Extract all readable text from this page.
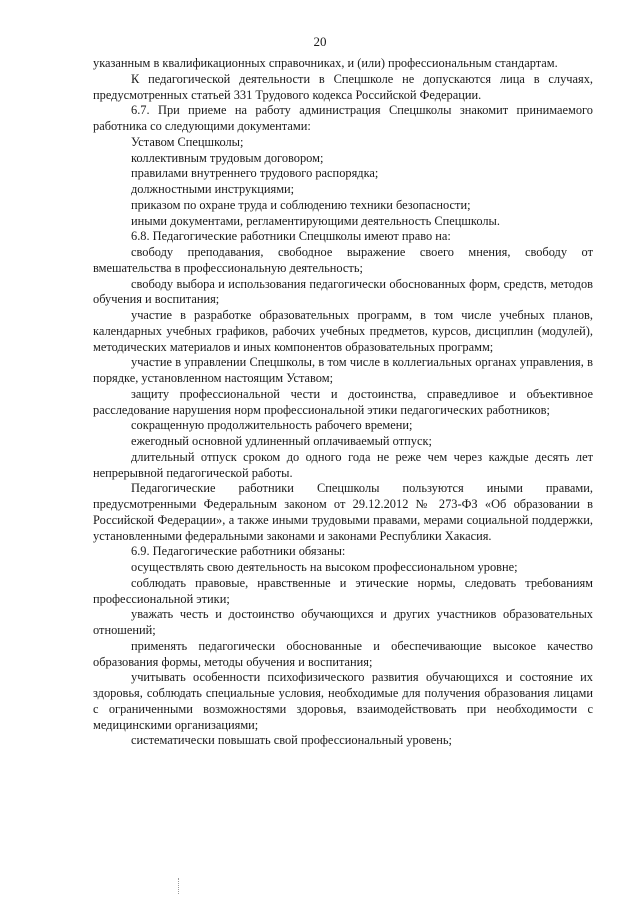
20

указанным в квалификационных справочниках, и (или) профессиональным стандартам.

К педагогической деятельности в Спецшколе не допускаются лица в случаях, предусмотренных статьей 331 Трудового кодекса Российской Федерации.

6.7. При приеме на работу администрация Спецшколы знакомит принимаемого работника со следующими документами:

Уставом Спецшколы;

коллективным трудовым договором;

правилами внутреннего трудового распорядка;

должностными инструкциями;

приказом по охране труда и соблюдению техники безопасности;

иными документами, регламентирующими деятельность Спецшколы.

6.8. Педагогические работники Спецшколы имеют право на:

свободу преподавания, свободное выражение своего мнения, свободу от вмешательства в профессиональную деятельность;

свободу выбора и использования педагогически обоснованных форм, средств, методов обучения и воспитания;

участие в разработке образовательных программ, в том числе учебных планов, календарных учебных графиков, рабочих учебных предметов, курсов, дисциплин (модулей), методических материалов и иных компонентов образовательных программ;

участие в управлении Спецшколы, в том числе в коллегиальных органах управления, в порядке, установленном настоящим Уставом;

защиту профессиональной чести и достоинства, справедливое и объективное расследование нарушения норм профессиональной этики педагогических работников;

сокращенную продолжительность рабочего времени;

ежегодный основной удлиненный оплачиваемый отпуск;

длительный отпуск сроком до одного года не реже чем через каждые десять лет непрерывной педагогической работы.

Педагогические работники Спецшколы пользуются иными правами, предусмотренными Федеральным законом от 29.12.2012 № 273-ФЗ «Об образовании в Российской Федерации», а также иными трудовыми правами, мерами социальной поддержки, установленными федеральными законами и законами Республики Хакасия.

6.9. Педагогические работники обязаны:

осуществлять свою деятельность на высоком профессиональном уровне;

соблюдать правовые, нравственные и этические нормы, следовать требованиям профессиональной этики;

уважать честь и достоинство обучающихся и других участников образовательных отношений;

применять педагогически обоснованные и обеспечивающие высокое качество образования формы, методы обучения и воспитания;

учитывать особенности психофизического развития обучающихся и состояние их здоровья, соблюдать специальные условия, необходимые для получения образования лицами с ограниченными возможностями здоровья, взаимодействовать при необходимости с медицинскими организациями;

систематически повышать свой профессиональный уровень;
